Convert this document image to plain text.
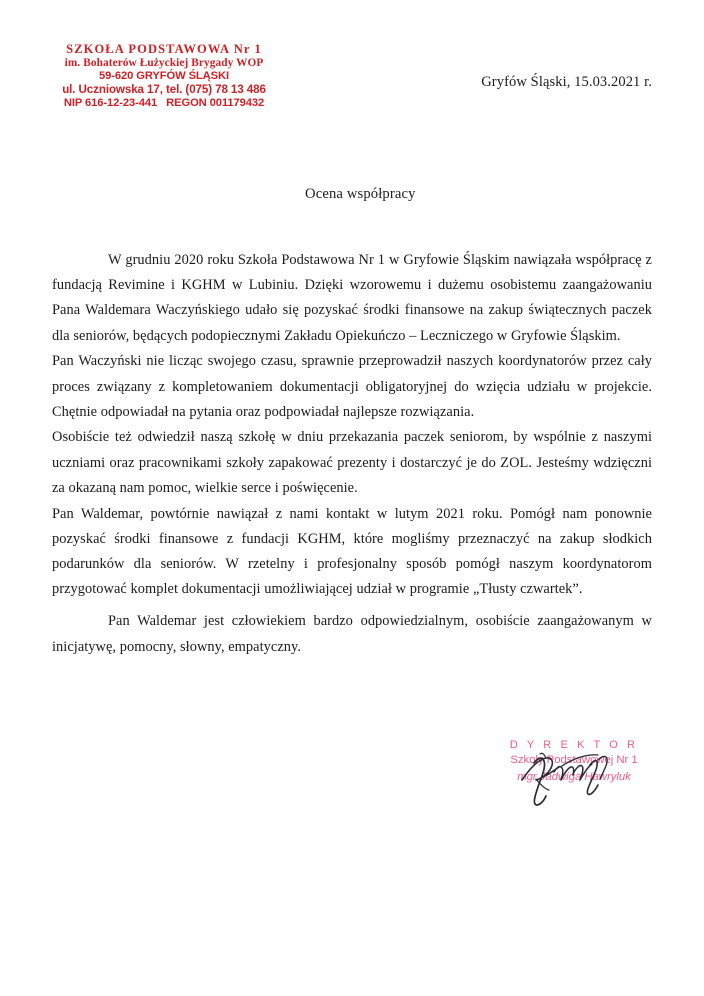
SZKOŁA PODSTAWOWA Nr 1
im. Bohaterów Łużyckiej Brygady WOP
59-620 GRYFÓW ŚLĄSKI
ul. Uczniowska 17, tel. (075) 78 13 486
NIP 616-12-23-441 REGON 001179432
Gryfów Śląski, 15.03.2021 r.
Ocena współpracy

W grudniu 2020 roku Szkoła Podstawowa Nr 1 w Gryfowie Śląskim nawiązała współpracę z fundacją Revimine i KGHM w Lubiniu. Dzięki wzorowemu i dużemu osobistemu zaangażowaniu Pana Waldemara Waczyńskiego udało się pozyskać środki finansowe na zakup świątecznych paczek dla seniorów, będących podopiecznymi Zakładu Opiekuńczo – Leczniczego w Gryfowie Śląskim.

Pan Waczyński nie licząc swojego czasu, sprawnie przeprowadził naszych koordynatorów przez cały proces związany z kompletowaniem dokumentacji obligatoryjnej do wzięcia udziału w projekcie. Chętnie odpowiadał na pytania oraz podpowiadał najlepsze rozwiązania.

Osobiście też odwiedził naszą szkołę w dniu przekazania paczek seniorom, by wspólnie z naszymi uczniami oraz pracownikami szkoły zapakować prezenty i dostarczyć je do ZOL. Jesteśmy wdzięczni za okazaną nam pomoc, wielkie serce i poświęcenie.

Pan Waldemar, powtórnie nawiązał z nami kontakt w lutym 2021 roku. Pomógł nam ponownie pozyskać środki finansowe z fundacji KGHM, które mogliśmy przeznaczyć na zakup słodkich podarunków dla seniorów. W rzetelny i profesjonalny sposób pomógł naszym koordynatorom przygotować komplet dokumentacji umożliwiającej udział w programie „Tłusty czwartek”.

Pan Waldemar jest człowiekiem bardzo odpowiedzialnym, osobiście zaangażowanym w inicjatywę, pomocny, słowny, empatyczny.

D Y R E K T O R
Szkoły Podstawowej Nr 1
mgr Jadwiga Hawryluk
